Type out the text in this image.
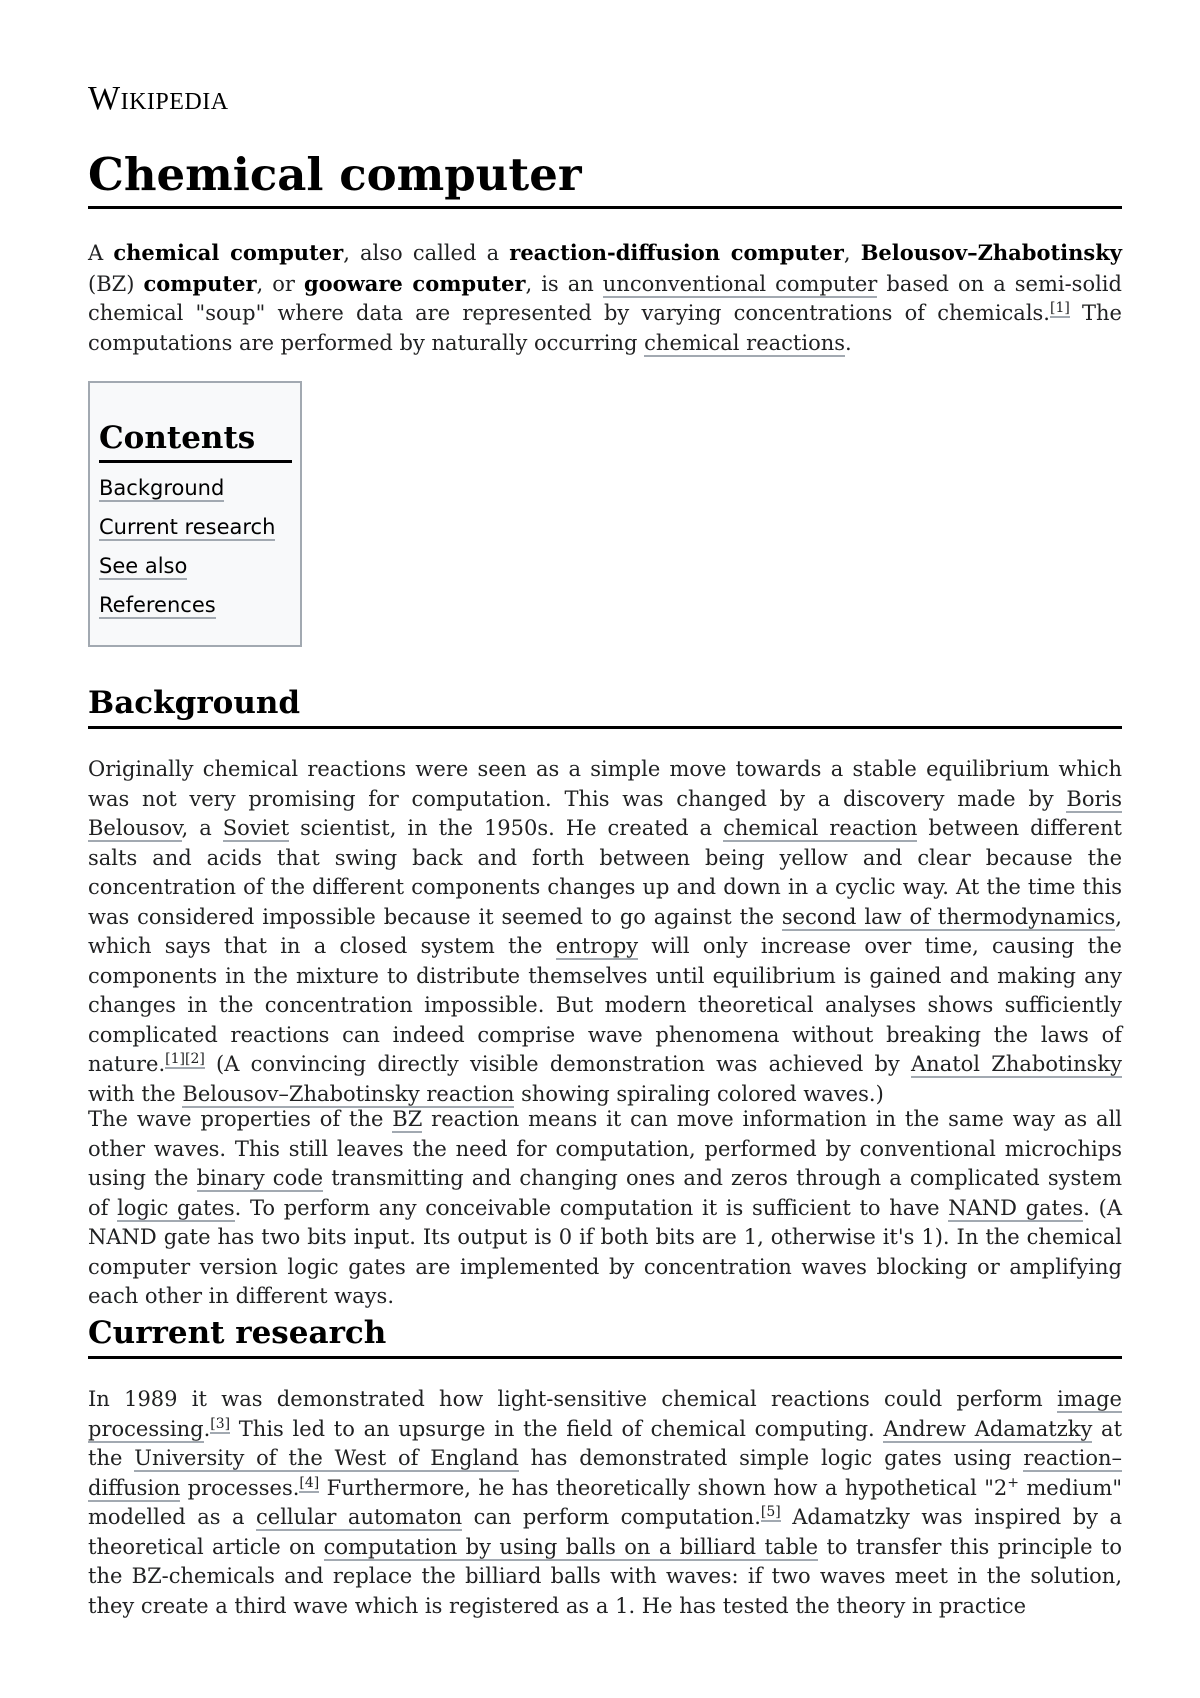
Wikipedia
Chemical computer

A chemical computer, also called a reaction-diffusion computer, Belousov–Zhabotinsky (BZ) computer, or gooware computer, is an unconventional computer based on a semi-solid chemical "soup" where data are represented by varying concentrations of chemicals.[1] The computations are performed by naturally occurring chemical reactions.

Contents
Background
Current research
See also
References
Background

Originally chemical reactions were seen as a simple move towards a stable equilibrium which was not very promising for computation. This was changed by a discovery made by Boris Belousov, a Soviet scientist, in the 1950s. He created a chemical reaction between different salts and acids that swing back and forth between being yellow and clear because the concentration of the different components changes up and down in a cyclic way. At the time this was considered impossible because it seemed to go against the second law of thermodynamics, which says that in a closed system the entropy will only increase over time, causing the components in the mixture to distribute themselves until equilibrium is gained and making any changes in the concentration impossible. But modern theoretical analyses shows sufficiently complicated reactions can indeed comprise wave phenomena without breaking the laws of nature.[1][2] (A convincing directly visible demonstration was achieved by Anatol Zhabotinsky with the Belousov–Zhabotinsky reaction showing spiraling colored waves.)

The wave properties of the BZ reaction means it can move information in the same way as all other waves. This still leaves the need for computation, performed by conventional microchips using the binary code transmitting and changing ones and zeros through a complicated system of logic gates. To perform any conceivable computation it is sufficient to have NAND gates. (A NAND gate has two bits input. Its output is 0 if both bits are 1, otherwise it's 1). In the chemical computer version logic gates are implemented by concentration waves blocking or amplifying each other in different ways.

Current research

In 1989 it was demonstrated how light-sensitive chemical reactions could perform image processing.[3] This led to an upsurge in the field of chemical computing. Andrew Adamatzky at the University of the West of England has demonstrated simple logic gates using reaction–diffusion processes.[4] Furthermore, he has theoretically shown how a hypothetical "2+ medium" modelled as a cellular automaton can perform computation.[5] Adamatzky was inspired by a theoretical article on computation by using balls on a billiard table to transfer this principle to the BZ-chemicals and replace the billiard balls with waves: if two waves meet in the solution, they create a third wave which is registered as a 1. He has tested the theory in practice
